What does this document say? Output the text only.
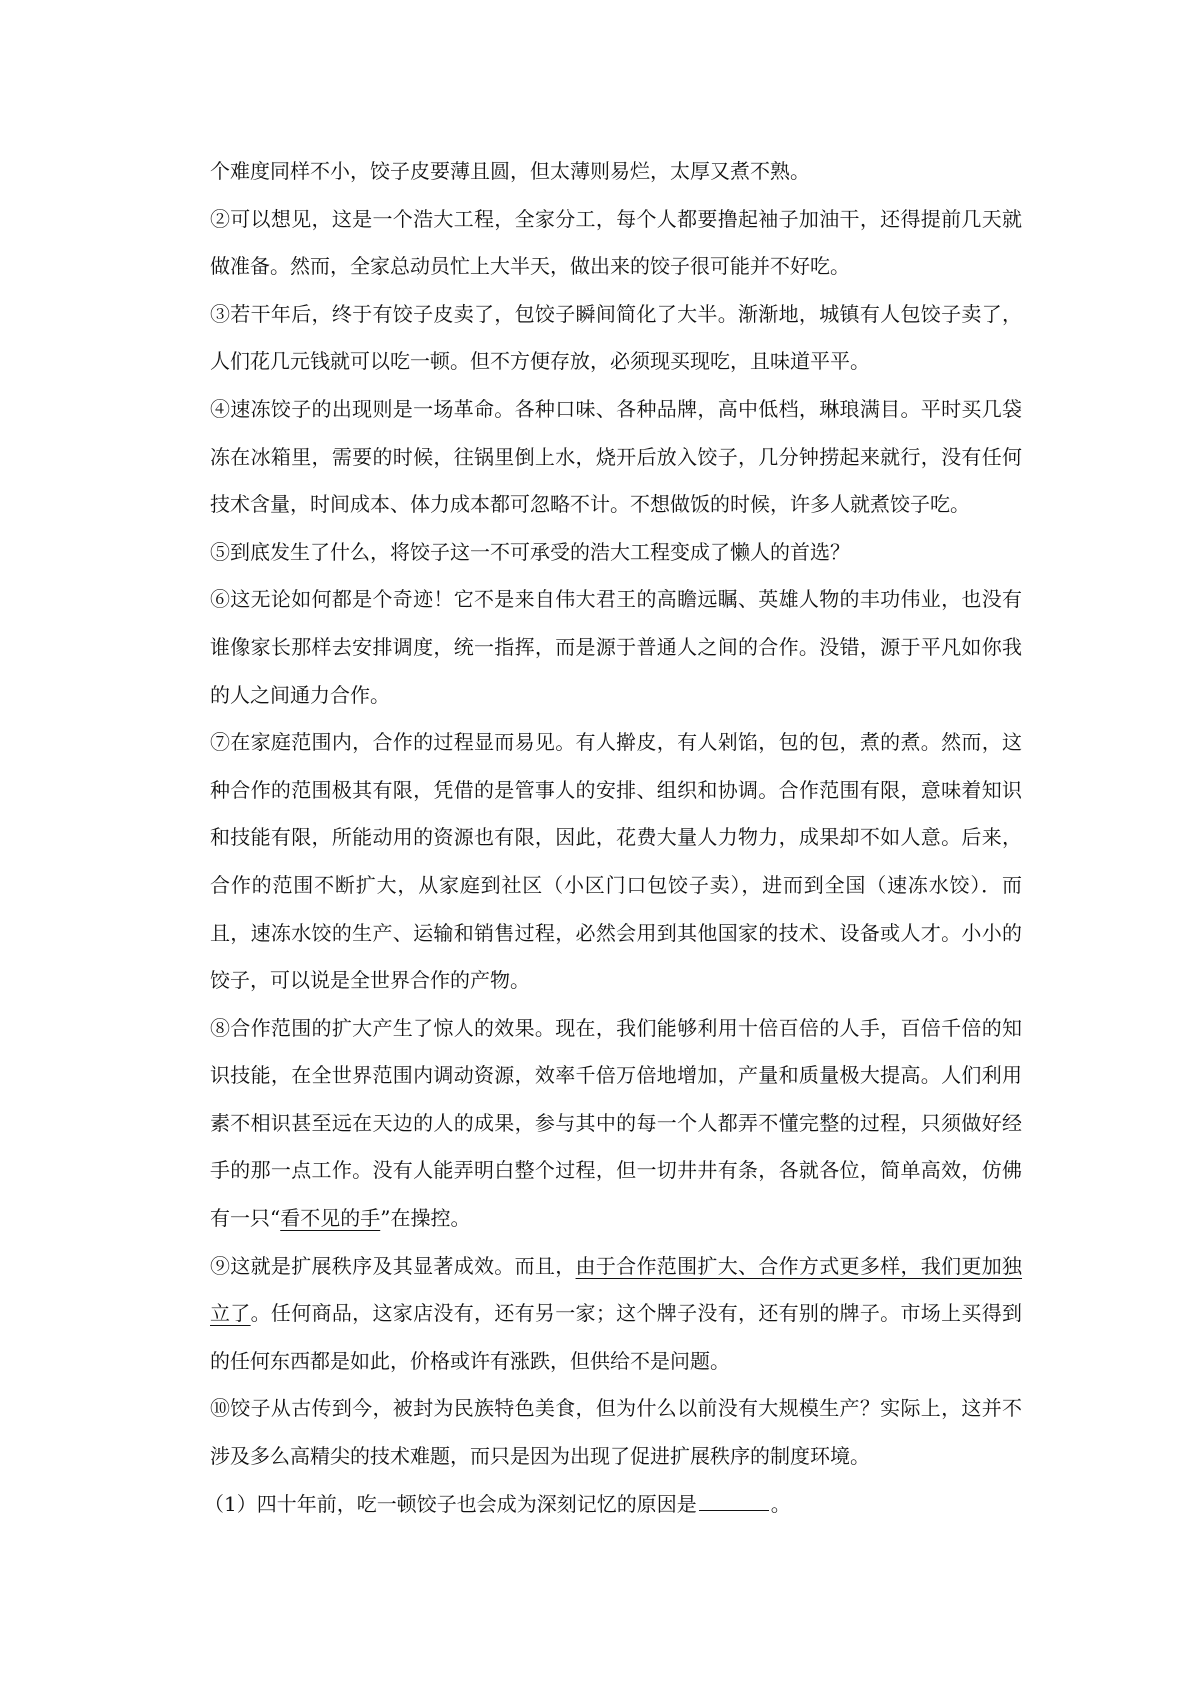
个难度同样不小，饺子皮要薄且圆，但太薄则易烂，太厚又煮不熟。

②可以想见，这是一个浩大工程，全家分工，每个人都要撸起袖子加油干，还得提前几天就做准备。然而，全家总动员忙上大半天，做出来的饺子很可能并不好吃。

③若干年后，终于有饺子皮卖了，包饺子瞬间简化了大半。渐渐地，城镇有人包饺子卖了，人们花几元钱就可以吃一顿。但不方便存放，必须现买现吃，且味道平平。

④速冻饺子的出现则是一场革命。各种口味、各种品牌，高中低档，琳琅满目。平时买几袋冻在冰箱里，需要的时候，往锅里倒上水，烧开后放入饺子，几分钟捞起来就行，没有任何技术含量，时间成本、体力成本都可忽略不计。不想做饭的时候，许多人就煮饺子吃。

⑤到底发生了什么，将饺子这一不可承受的浩大工程变成了懒人的首选？

⑥这无论如何都是个奇迹！它不是来自伟大君王的高瞻远瞩、英雄人物的丰功伟业，也没有谁像家长那样去安排调度，统一指挥，而是源于普通人之间的合作。没错，源于平凡如你我的人之间通力合作。

⑦在家庭范围内，合作的过程显而易见。有人擀皮，有人剁馅，包的包，煮的煮。然而，这种合作的范围极其有限，凭借的是管事人的安排、组织和协调。合作范围有限，意味着知识和技能有限，所能动用的资源也有限，因此，花费大量人力物力，成果却不如人意。后来，合作的范围不断扩大，从家庭到社区（小区门口包饺子卖），进而到全国（速冻水饺）．而且，速冻水饺的生产、运输和销售过程，必然会用到其他国家的技术、设备或人才。小小的饺子，可以说是全世界合作的产物。

⑧合作范围的扩大产生了惊人的效果。现在，我们能够利用十倍百倍的人手，百倍千倍的知识技能，在全世界范围内调动资源，效率千倍万倍地增加，产量和质量极大提高。人们利用素不相识甚至远在天边的人的成果，参与其中的每一个人都弄不懂完整的过程，只须做好经手的那一点工作。没有人能弄明白整个过程，但一切井井有条，各就各位，简单高效，仿佛有一只“看不见的手”在操控。

⑨这就是扩展秩序及其显著成效。而且，由于合作范围扩大、合作方式更多样，我们更加独立了。任何商品，这家店没有，还有另一家；这个牌子没有，还有别的牌子。市场上买得到的任何东西都是如此，价格或许有涨跌，但供给不是问题。

⑩饺子从古传到今，被封为民族特色美食，但为什么以前没有大规模生产？实际上，这并不涉及多么高精尖的技术难题，而只是因为出现了促进扩展秩序的制度环境。

（1）四十年前，吃一顿饺子也会成为深刻记忆的原因是	。
